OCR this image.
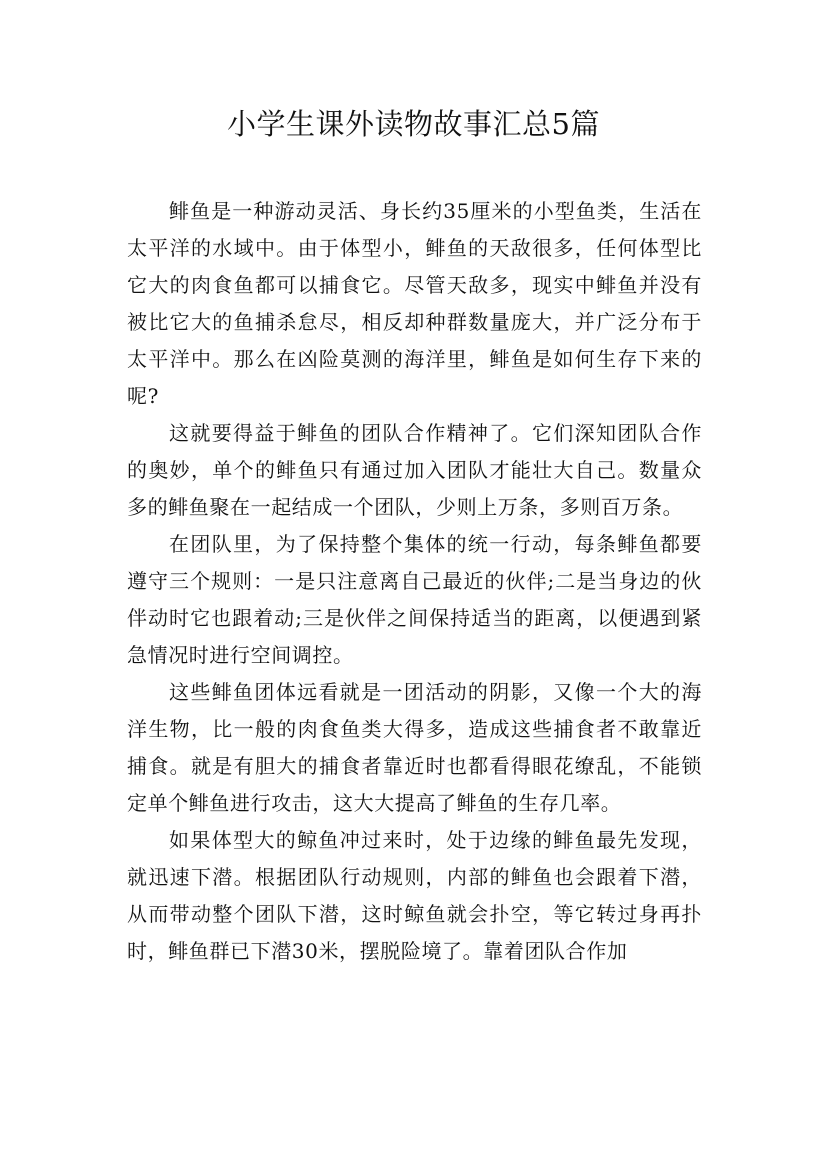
小学生课外读物故事汇总5篇

鲱鱼是一种游动灵活、身长约35厘米的小型鱼类，生活在太平洋的水域中。由于体型小，鲱鱼的天敌很多，任何体型比它大的肉食鱼都可以捕食它。尽管天敌多，现实中鲱鱼并没有被比它大的鱼捕杀怠尽，相反却种群数量庞大，并广泛分布于太平洋中。那么在凶险莫测的海洋里，鲱鱼是如何生存下来的呢?

这就要得益于鲱鱼的团队合作精神了。它们深知团队合作的奥妙，单个的鲱鱼只有通过加入团队才能壮大自己。数量众多的鲱鱼聚在一起结成一个团队，少则上万条，多则百万条。

在团队里，为了保持整个集体的统一行动，每条鲱鱼都要遵守三个规则：一是只注意离自己最近的伙伴;二是当身边的伙伴动时它也跟着动;三是伙伴之间保持适当的距离，以便遇到紧急情况时进行空间调控。

这些鲱鱼团体远看就是一团活动的阴影，又像一个大的海洋生物，比一般的肉食鱼类大得多，造成这些捕食者不敢靠近捕食。就是有胆大的捕食者靠近时也都看得眼花缭乱，不能锁定单个鲱鱼进行攻击，这大大提高了鲱鱼的生存几率。

如果体型大的鲸鱼冲过来时，处于边缘的鲱鱼最先发现，就迅速下潜。根据团队行动规则，内部的鲱鱼也会跟着下潜，从而带动整个团队下潜，这时鲸鱼就会扑空，等它转过身再扑时，鲱鱼群已下潜30米，摆脱险境了。靠着团队合作加
